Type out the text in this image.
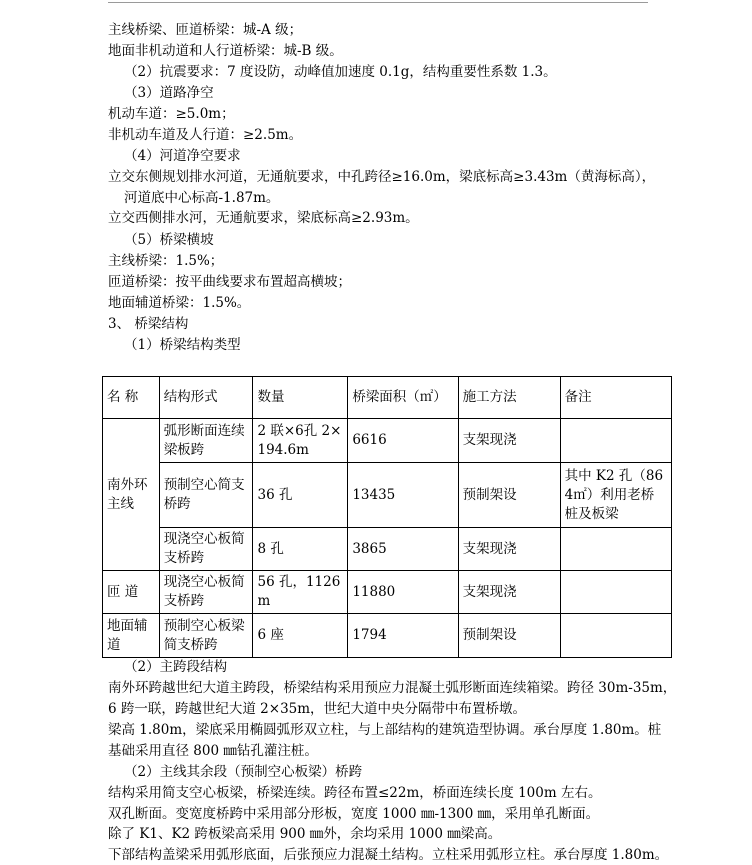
主线桥梁、匝道桥梁：城-A 级；
地面非机动道和人行道桥梁：城-B 级。
（2）抗震要求：7 度设防，动峰值加速度 0.1g，结构重要性系数 1.3。
（3）道路净空
机动车道：≥5.0m；
非机动车道及人行道：≥2.5m。
（4）河道净空要求
立交东侧规划排水河道，无通航要求，中孔跨径≥16.0m，梁底标高≥3.43m（黄海标高），
河道底中心标高-1.87m。
立交西侧排水河，无通航要求，梁底标高≥2.93m。
（5）桥梁横坡
主线桥梁：1.5%；
匝道桥梁：按平曲线要求布置超高横坡；
地面辅道桥梁：1.5%。
3、 桥梁结构
（1）桥梁结构类型
名 称	结构形式	数量	桥梁面积（㎡）	施工方法	备注
南外环主线	弧形断面连续梁板跨	2 联×6孔 2×194.6m	6616	支架现浇	
	预制空心简支桥跨	36 孔	13435	预制架设	其中 K2 孔（864㎡）利用老桥桩及板梁
	现浇空心板简支桥跨	8 孔	3865	支架现浇	
匝 道	现浇空心板简支桥跨	56 孔，1126m	11880	支架现浇	
地面辅道	预制空心板梁简支桥跨	6 座	1794	预制架设	
（2）主跨段结构
南外环跨越世纪大道主跨段，桥梁结构采用预应力混凝土弧形断面连续箱梁。跨径 30m-35m，
6 跨一联，跨越世纪大道 2×35m，世纪大道中央分隔带中布置桥墩。
梁高 1.80m，梁底采用椭圆弧形双立柱，与上部结构的建筑造型协调。承台厚度 1.80m。桩
基础采用直径 800 ㎜钻孔灌注桩。
（2）主线其余段（预制空心板梁）桥跨
结构采用简支空心板梁，桥梁连续。跨径布置≤22m，桥面连续长度 100m 左右。
双孔断面。变宽度桥跨中采用部分形板，宽度 1000 ㎜-1300 ㎜，采用单孔断面。
除了 K1、K2 跨板梁高采用 900 ㎜外，余均采用 1000 ㎜梁高。
下部结构盖梁采用弧形底面，后张预应力混凝土结构。立柱采用弧形立柱。承台厚度 1.80m。
